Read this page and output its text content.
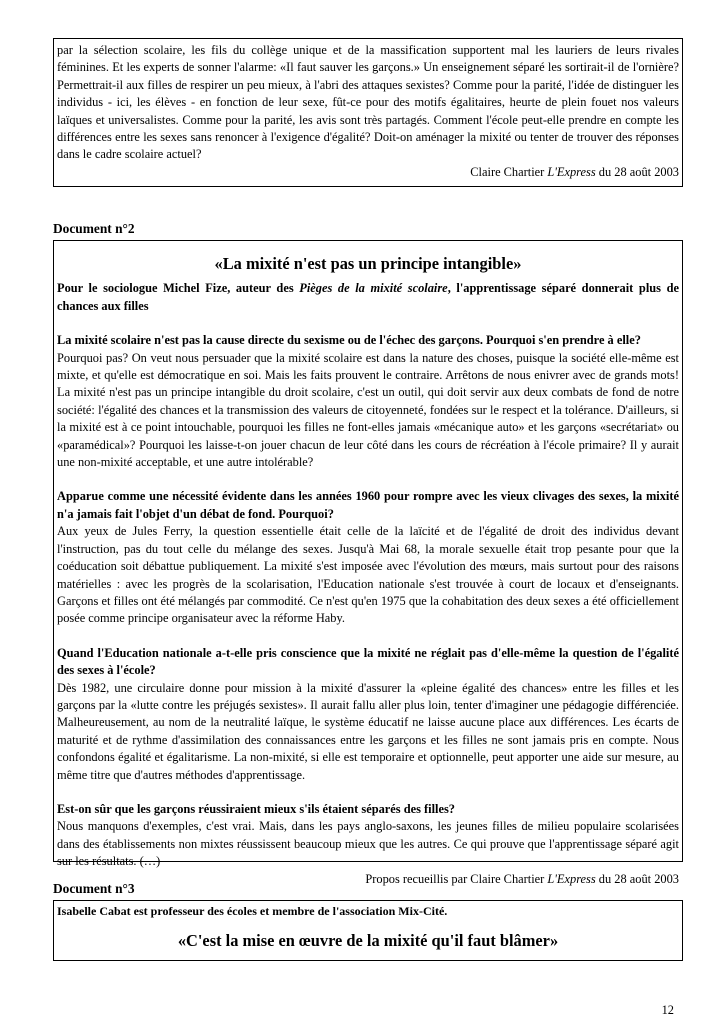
par la sélection scolaire, les fils du collège unique et de la massification supportent mal les lauriers de leurs rivales féminines. Et les experts de sonner l'alarme: «Il faut sauver les garçons.» Un enseignement séparé les sortirait-il de l'ornière? Permettrait-il aux filles de respirer un peu mieux, à l'abri des attaques sexistes? Comme pour la parité, l'idée de distinguer les individus - ici, les élèves - en fonction de leur sexe, fût-ce pour des motifs égalitaires, heurte de plein fouet nos valeurs laïques et universalistes. Comme pour la parité, les avis sont très partagés. Comment l'école peut-elle prendre en compte les différences entre les sexes sans renoncer à l'exigence d'égalité? Doit-on aménager la mixité ou tenter de trouver des réponses dans le cadre scolaire actuel?

Claire Chartier L'Express du 28 août 2003

Document n°2

«La mixité n'est pas un principe intangible»

Pour le sociologue Michel Fize, auteur des Pièges de la mixité scolaire, l'apprentissage séparé donnerait plus de chances aux filles

La mixité scolaire n'est pas la cause directe du sexisme ou de l'échec des garçons. Pourquoi s'en prendre à elle?

Pourquoi pas? On veut nous persuader que la mixité scolaire est dans la nature des choses, puisque la société elle-même est mixte, et qu'elle est démocratique en soi. Mais les faits prouvent le contraire. Arrêtons de nous enivrer avec de grands mots! La mixité n'est pas un principe intangible du droit scolaire, c'est un outil, qui doit servir aux deux combats de fond de notre société: l'égalité des chances et la transmission des valeurs de citoyenneté, fondées sur le respect et la tolérance. D'ailleurs, si la mixité est à ce point intouchable, pourquoi les filles ne font-elles jamais «mécanique auto» et les garçons «secrétariat» ou «paramédical»? Pourquoi les laisse-t-on jouer chacun de leur côté dans les cours de récréation à l'école primaire? Il y aurait une non-mixité acceptable, et une autre intolérable?

Apparue comme une nécessité évidente dans les années 1960 pour rompre avec les vieux clivages des sexes, la mixité n'a jamais fait l'objet d'un débat de fond. Pourquoi?

Aux yeux de Jules Ferry, la question essentielle était celle de la laïcité et de l'égalité de droit des individus devant l'instruction, pas du tout celle du mélange des sexes. Jusqu'à Mai 68, la morale sexuelle était trop pesante pour que la coéducation soit débattue publiquement. La mixité s'est imposée avec l'évolution des mœurs, mais surtout pour des raisons matérielles : avec les progrès de la scolarisation, l'Education nationale s'est trouvée à court de locaux et d'enseignants. Garçons et filles ont été mélangés par commodité. Ce n'est qu'en 1975 que la cohabitation des deux sexes a été officiellement posée comme principe organisateur avec la réforme Haby.

Quand l'Education nationale a-t-elle pris conscience que la mixité ne réglait pas d'elle-même la question de l'égalité des sexes à l'école?

Dès 1982, une circulaire donne pour mission à la mixité d'assurer la «pleine égalité des chances» entre les filles et les garçons par la «lutte contre les préjugés sexistes». Il aurait fallu aller plus loin, tenter d'imaginer une pédagogie différenciée. Malheureusement, au nom de la neutralité laïque, le système éducatif ne laisse aucune place aux différences. Les écarts de maturité et de rythme d'assimilation des connaissances entre les garçons et les filles ne sont jamais pris en compte. Nous confondons égalité et égalitarisme. La non-mixité, si elle est temporaire et optionnelle, peut apporter une aide sur mesure, au même titre que d'autres méthodes d'apprentissage.

Est-on sûr que les garçons réussiraient mieux s'ils étaient séparés des filles?

Nous manquons d'exemples, c'est vrai. Mais, dans les pays anglo-saxons, les jeunes filles de milieu populaire scolarisées dans des établissements non mixtes réussissent beaucoup mieux que les autres. Ce qui prouve que l'apprentissage séparé agit sur les résultats. (…)

Propos recueillis par Claire Chartier L'Express du 28 août 2003

Document n°3

Isabelle Cabat est professeur des écoles et membre de l'association Mix-Cité.

«C'est la mise en œuvre de la mixité qu'il faut blâmer»

12
